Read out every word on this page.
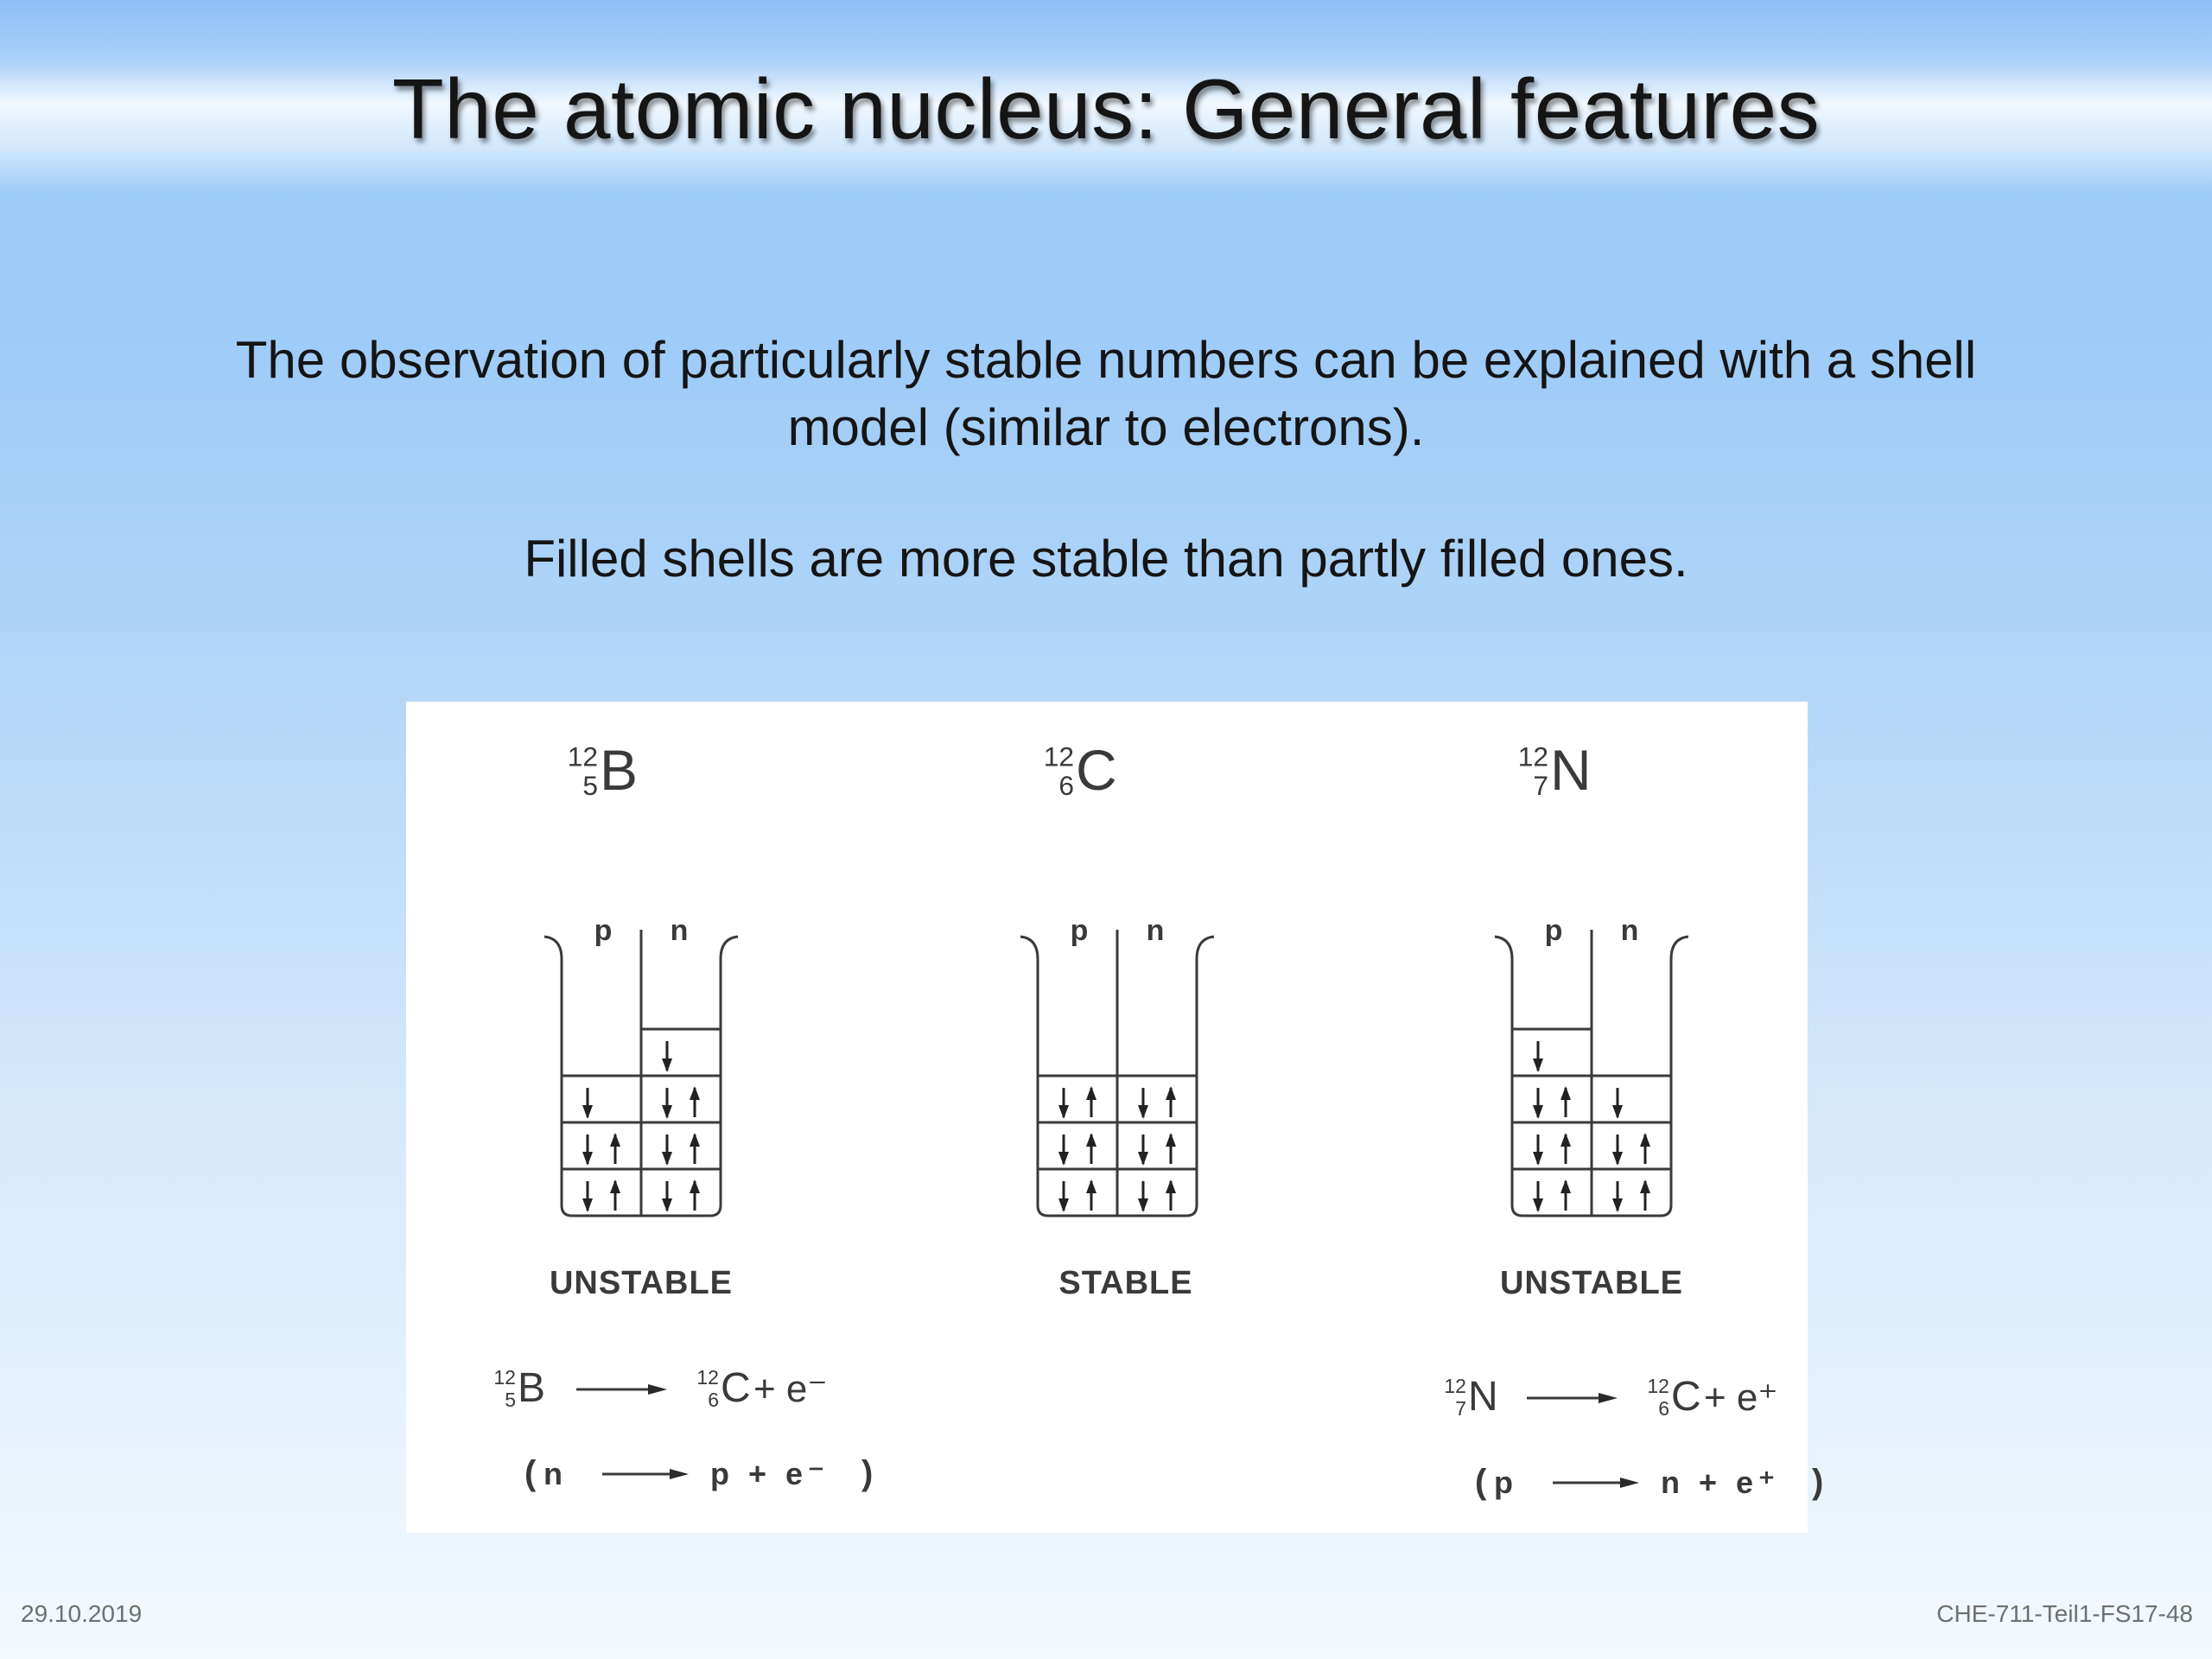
The atomic nucleus: General features
The observation of particularly stable numbers can be explained with a shell model (similar to electrons).
Filled shells are more stable than partly filled ones.
12
5 B
p n
UNSTABLE
12
5 B	12
6 C + e⁻
( n	p + e⁻ )
12
6 C
p n
STABLE
12
7 N
p n
UNSTABLE
12
7 N	12
6 C + e⁺
( p	n + e⁺ )
29.10.2019	CHE-711-Teil1-FS17-48
